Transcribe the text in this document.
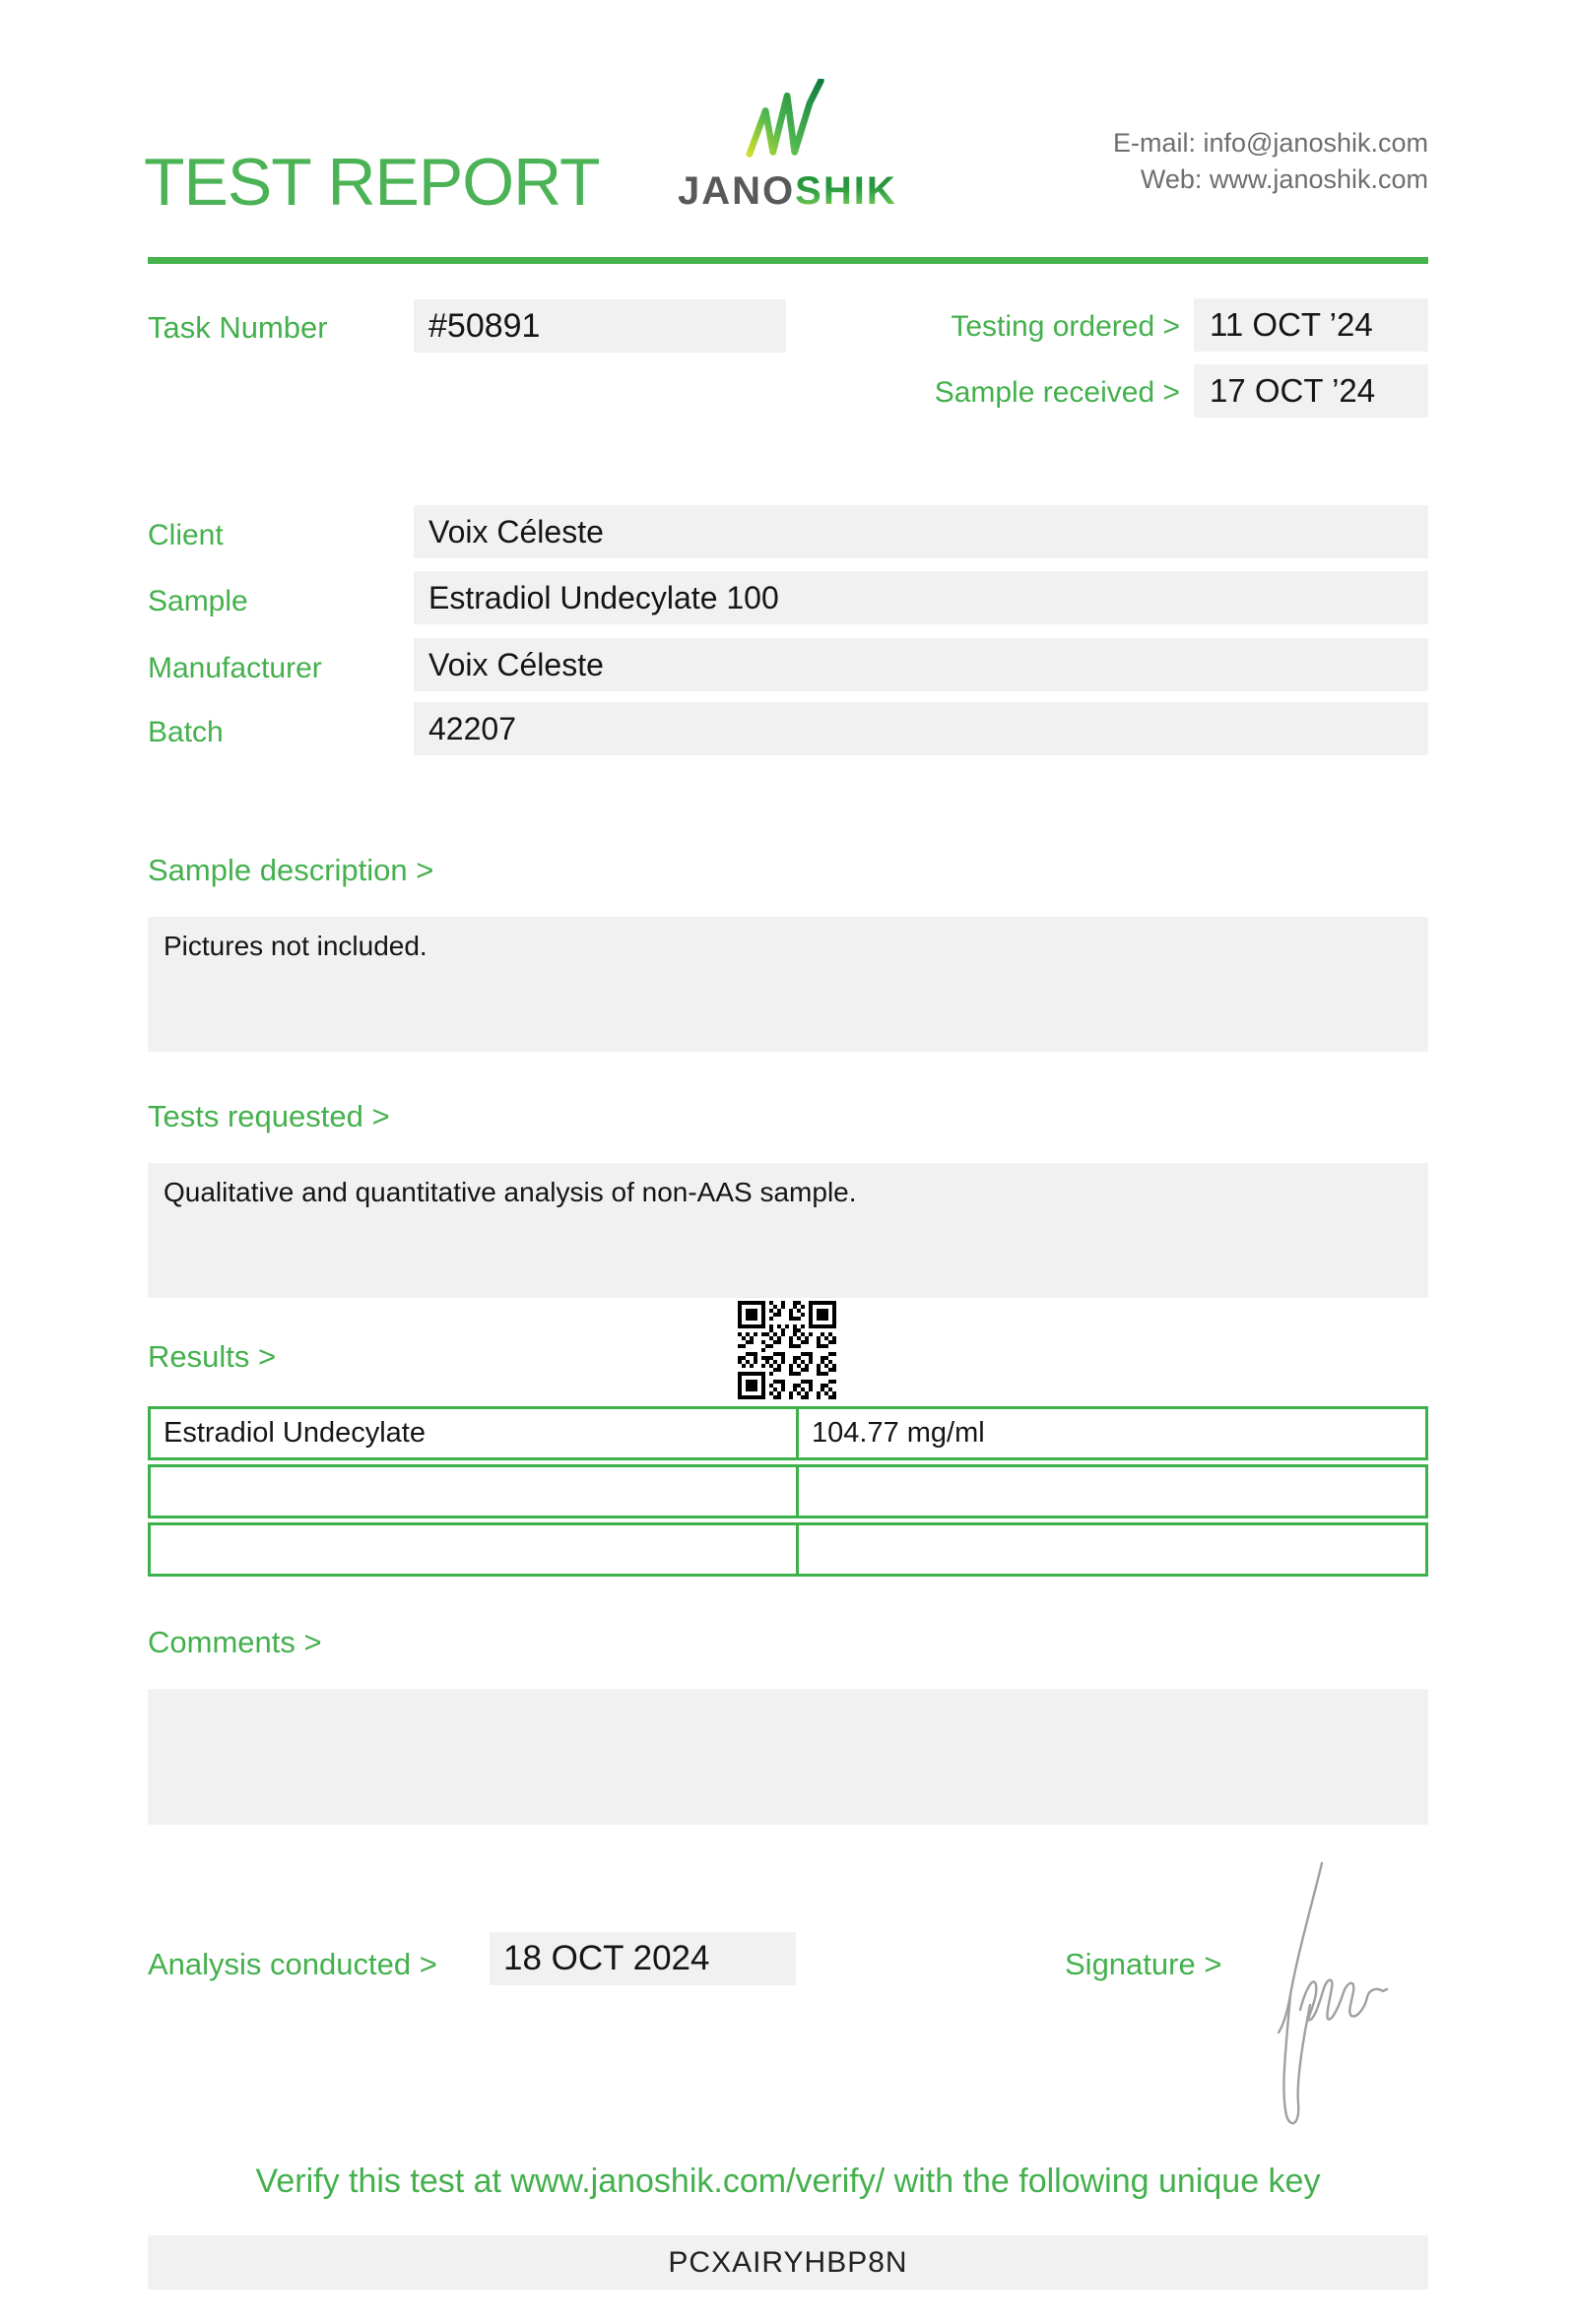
TEST REPORT JANOSHIK
E-mail: info@janoshik.com
Web: www.janoshik.com
Task Number	#50891	Testing ordered > 11 OCT ’24
Sample received > 17 OCT ’24
Client	Voix Céleste
Sample	Estradiol Undecylate 100
Manufacturer	Voix Céleste
Batch	42207
Sample description >
Pictures not included.
Tests requested >
Qualitative and quantitative analysis of non-AAS sample.
Results >
Estradiol Undecylate	104.77 mg/ml
Comments >
Analysis conducted >	18 OCT 2024	Signature >
Verify this test at www.janoshik.com/verify/ with the following unique key
PCXAIRYHBP8N
